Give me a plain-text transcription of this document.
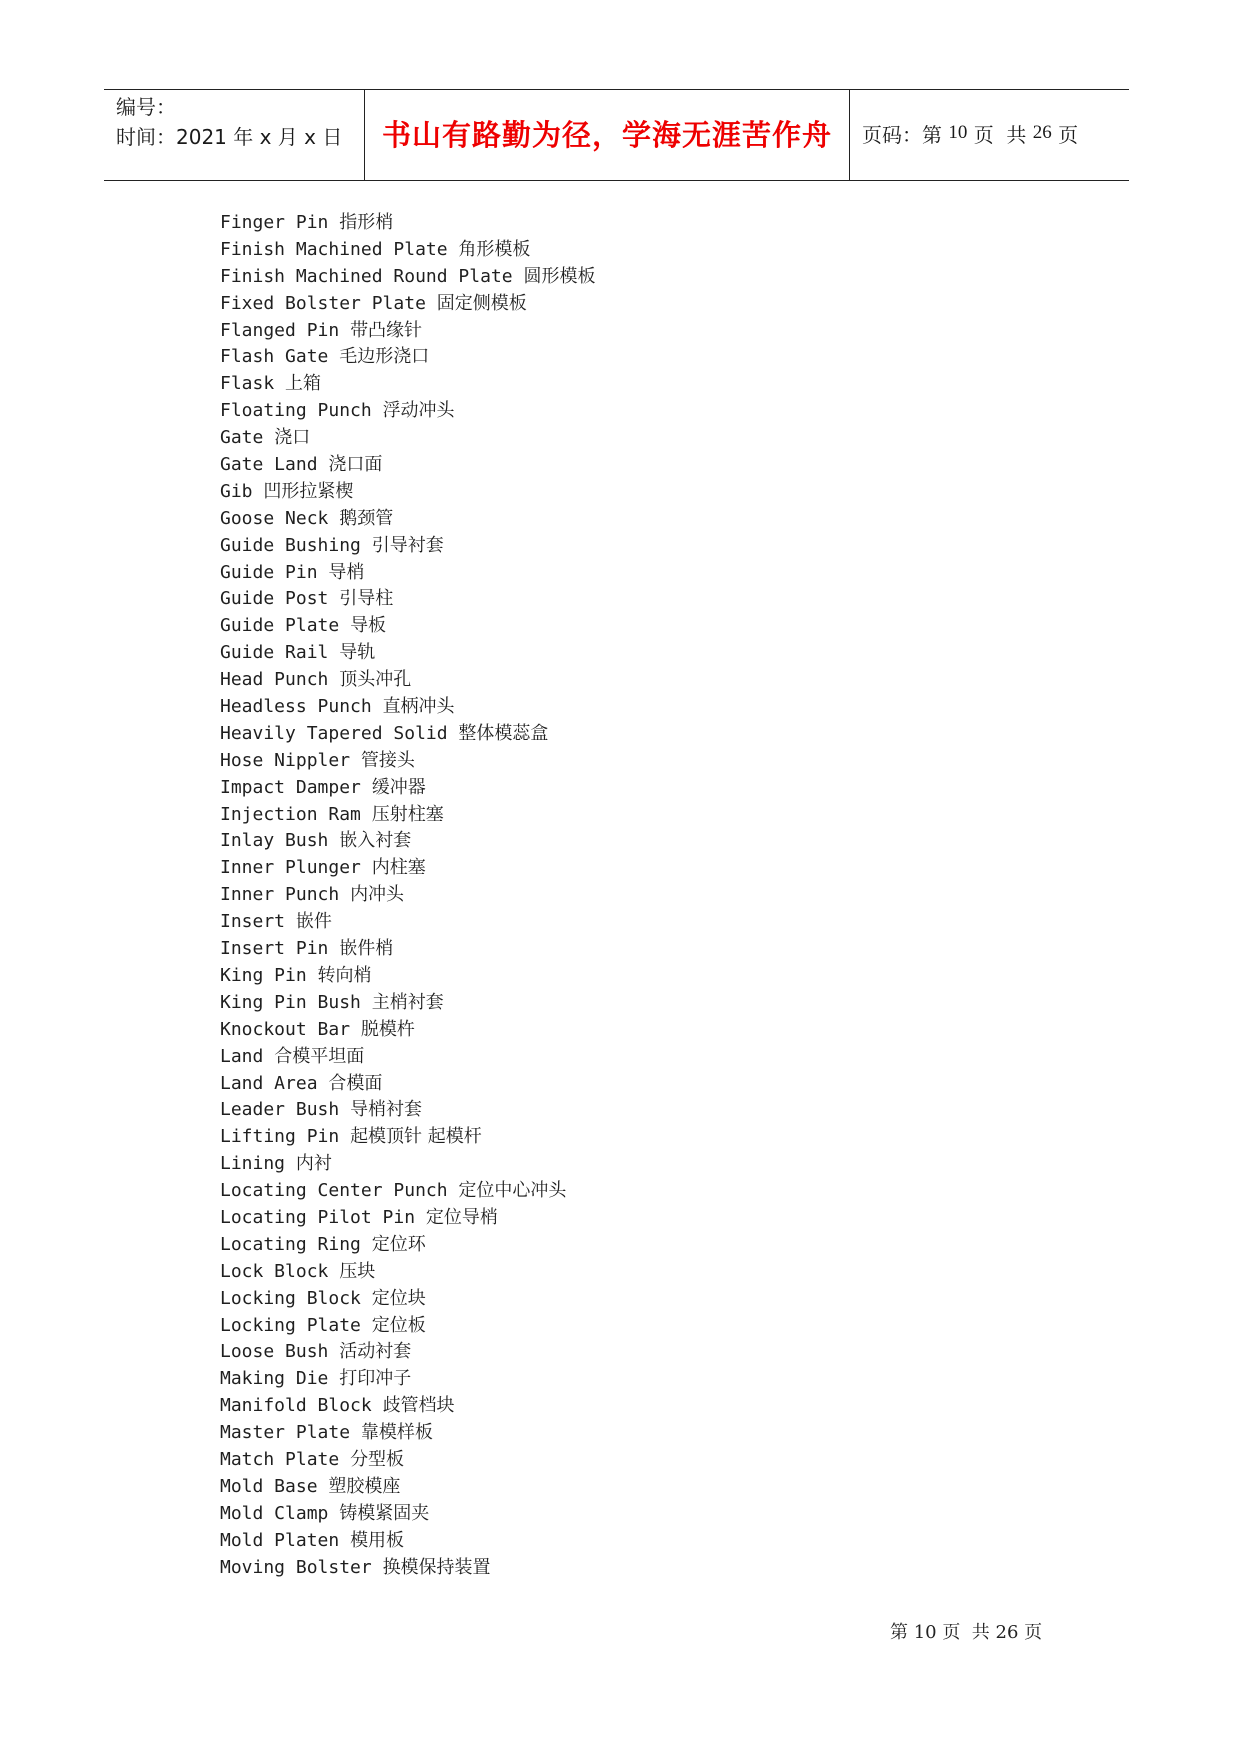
编号：
时间：2021 年 x 月 x 日	书山有路勤为径，学海无涯苦作舟 页码：第 10 页  共 26 页
Finger Pin 指形梢
Finish Machined Plate 角形模板
Finish Machined Round Plate 圆形模板
Fixed Bolster Plate 固定侧模板
Flanged Pin 带凸缘针
Flash Gate 毛边形浇口
Flask 上箱
Floating Punch 浮动冲头
Gate 浇口
Gate Land 浇口面
Gib 凹形拉紧楔
Goose Neck 鹅颈管
Guide Bushing 引导衬套
Guide Pin 导梢
Guide Post 引导柱
Guide Plate 导板
Guide Rail 导轨
Head Punch 顶头冲孔
Headless Punch 直柄冲头
Heavily Tapered Solid 整体模蕊盒
Hose Nippler 管接头
Impact Damper 缓冲器
Injection Ram 压射柱塞
Inlay Bush 嵌入衬套
Inner Plunger 内柱塞
Inner Punch 内冲头
Insert 嵌件
Insert Pin 嵌件梢
King Pin 转向梢
King Pin Bush 主梢衬套
Knockout Bar 脱模杵
Land 合模平坦面
Land Area 合模面
Leader Bush 导梢衬套
Lifting Pin 起模顶针 起模杆
Lining 内衬
Locating Center Punch 定位中心冲头
Locating Pilot Pin 定位导梢
Locating Ring 定位环
Lock Block 压块
Locking Block 定位块
Locking Plate 定位板
Loose Bush 活动衬套
Making Die 打印冲子
Manifold Block 歧管档块
Master Plate 靠模样板
Match Plate 分型板
Mold Base 塑胶模座
Mold Clamp 铸模紧固夹
Mold Platen 模用板
Moving Bolster 换模保持装置
第 10 页  共 26 页
